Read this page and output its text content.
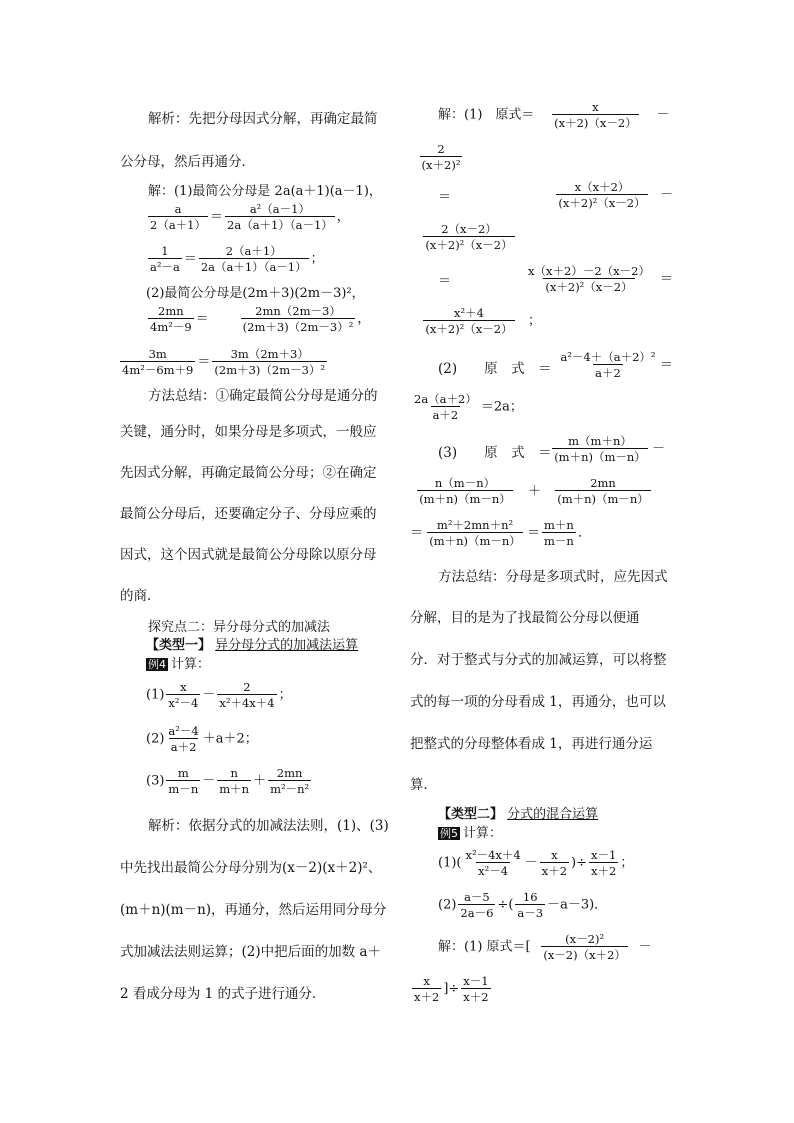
解析：先把分母因式分解，再确定最简
公分母，然后再通分．
解：(1)最简公分母是 2a(a＋1)(a－1)，
$\frac{a}{2(a+1)} = \frac{\text{a²（a－1）}}{2a(a+1)(a-1)}$ ，
$\frac{1}{\text{a²－a}} = \frac{2(a+1)}{2a(a+1)(a-1)}$ ；
(2)最简公分母是(2m＋3)(2m－3)²，
$\frac{2mn}{\text{4m²－9}}$ ＝	$\frac{2mn(2m-3)}{\text{(2m＋3)（2m－3）²}}$ ，
$\frac{3m}{\text{4m²－6m＋9}} = \frac{3m(2m+3)}{\text{(2m＋3)（2m－3）²}}$
方法总结：①确定最简公分母是通分的
关键，通分时，如果分母是多项式，一般应
先因式分解，再确定最简公分母；②在确定
最简公分母后，还要确定分子、分母应乘的
因式，这个因式就是最简公分母除以原分母
的商．
探究点二：异分母分式的加减法
【类型一】 异分母分式的加减法运算
例4 计算：
$(1) \frac{x}{\text{x²－4}} - \frac{2}{\text{x²＋4x＋4}}$ ；
$(2) \frac{\text{a²－4}}{a+2} +a+2$；
$(3) \frac{m}{m-n} - \frac{n}{m+n} + \frac{2mn}{\text{m²－n²}}$
解析：依据分式的加减法法则，(1)、(3)
中先找出最简公分母分别为(x－2)(x＋2)²、
(m＋n)(m－n)，再通分，然后运用同分母分
式加减法法则运算；(2)中把后面的加数 a＋
2 看成分母为 1 的式子进行通分．
解：(1)　原式＝ $\frac{x}{(x+2)(x-2)}$ －
$\frac{2}{\text{(x＋2)²}}$
＝	$\frac{x(x+2)}{\text{(x＋2)²（x－2）}}$ －
$\frac{2(x-2)}{\text{(x＋2)²（x－2）}}$
＝	$\frac{x(x+2)-2(x-2)}{\text{(x＋2)²（x－2）}}$ ＝
$\frac{\text{x²＋4}}{\text{(x＋2)²（x－2）}}$ ；
(2)　　原　式　＝ $\frac{\text{a²－4＋（a＋2）²}}{a+2}$ ＝
$\frac{2a(a+2)}{a+2} =2a$；
(3)　　原　式　＝
$\frac{m(m+n)}{(m+n)(m-n)}$ －
$\frac{n(m-n)}{(m+n)(m-n)} + \frac{2mn}{(m+n)(m-n)}$
＝ $\frac{\text{m²＋2mn＋n²}}{(m+n)(m-n)} = \frac{m+n}{m-n}$ ．
方法总结：分母是多项式时，应先因式
分解，目的是为了找最简公分母以便通
分．对于整式与分式的加减运算，可以将整
式的每一项的分母看成 1，再通分，也可以
把整式的分母整体看成 1，再进行通分运
算．
【类型二】 分式的混合运算
例5 计算：
$(1)( \frac{\text{x²－4x＋4}}{\text{x²－4}} - \frac{x}{x+2}$ )÷ $\frac{x-1}{x+2}$ ；
$(2) \frac{a-5}{2a-6}$ ÷( $\frac{16}{a-3} -a-3$)．
解：(1) 原式＝[ $\frac{\text{(x－2)²}}{(x-2)(x+2)}$ －
$\frac{x}{x+2}$ ]÷ $\frac{x-1}{x+2}$
